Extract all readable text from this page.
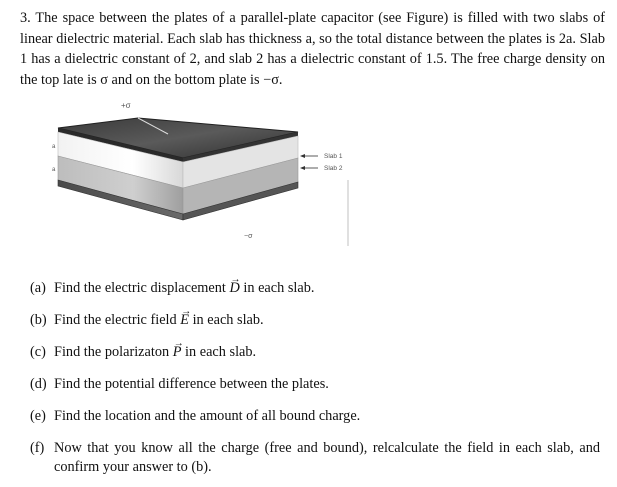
3. The space between the plates of a parallel-plate capacitor (see Figure) is filled with two slabs of linear dielectric material. Each slab has thickness a, so the total distance between the plates is 2a. Slab 1 has a dielectric constant of 2, and slab 2 has a dielectric constant of 1.5. The free charge density on the top late is σ and on the bottom plate is −σ.
+σ
Slab 1
Slab 2
a
a
−σ

(a) Find the electric displacement → D in each slab.

(b) Find the electric field → E in each slab.

(c) Find the polarizaton → P in each slab.

(d) Find the potential difference between the plates.

(e) Find the location and the amount of all bound charge.

(f) Now that you know all the charge (free and bound), relcalculate the field in each slab, and confirm your answer to (b).
